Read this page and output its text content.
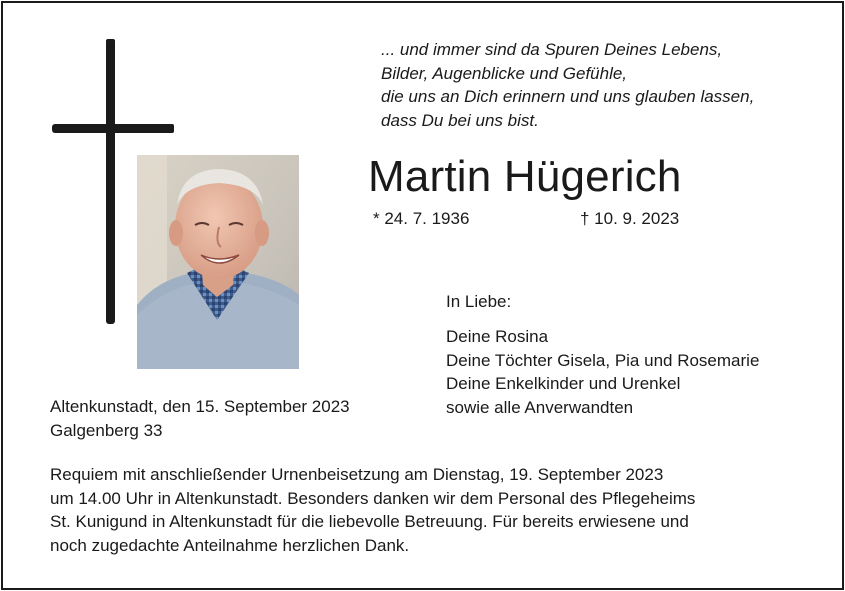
... und immer sind da Spuren Deines Lebens,
Bilder, Augenblicke und Gefühle,
die uns an Dich erinnern und uns glauben lassen,
dass Du bei uns bist.
Martin Hügerich
* 24. 7. 1936	† 10. 9. 2023
In Liebe:
Deine Rosina
Deine Töchter Gisela, Pia und Rosemarie
Deine Enkelkinder und Urenkel
sowie alle Anverwandten
Altenkunstadt, den 15. September 2023
Galgenberg 33
Requiem mit anschließender Urnenbeisetzung am Dienstag, 19. September 2023
um 14.00 Uhr in Altenkunstadt. Besonders danken wir dem Personal des Pflegeheims
St. Kunigund in Altenkunstadt für die liebevolle Betreuung. Für bereits erwiesene und
noch zugedachte Anteilnahme herzlichen Dank.
